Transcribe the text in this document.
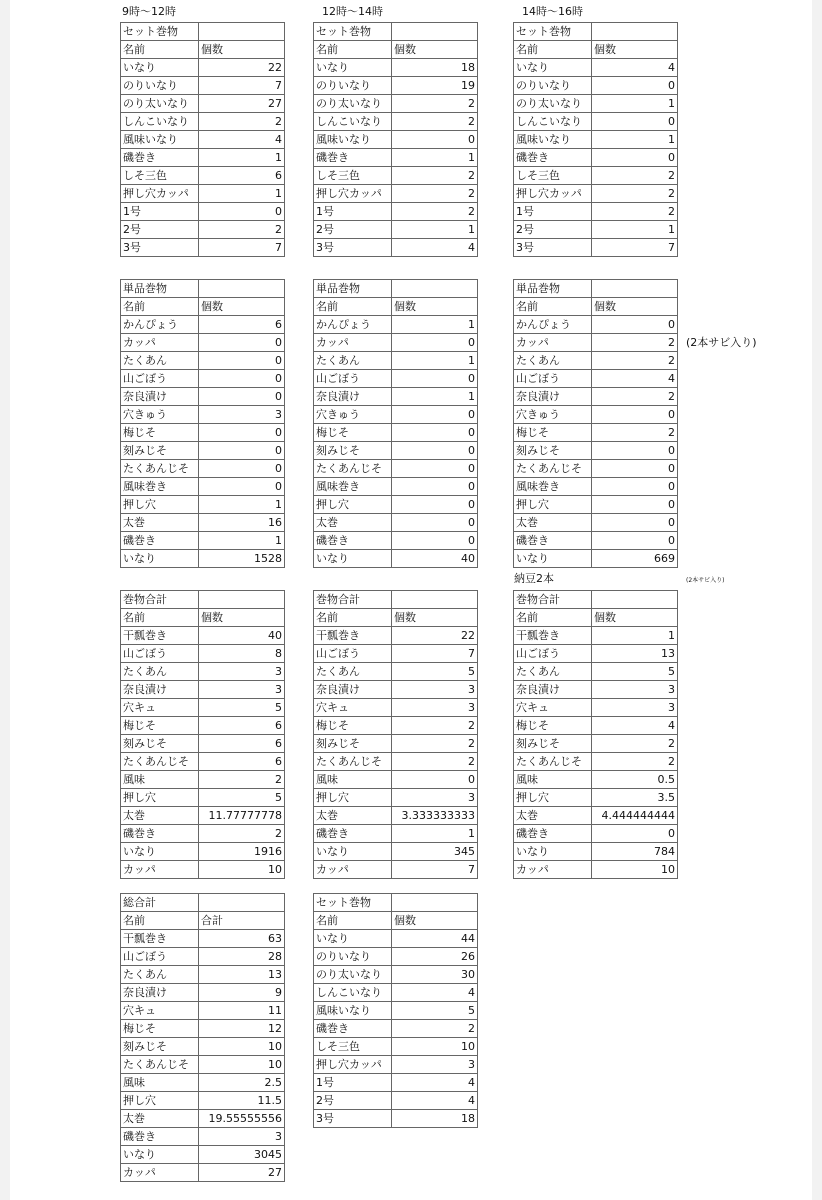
9時〜12時	12時〜14時	14時〜16時
(2本サビ入り)
納豆2本	(2本サビ入り)
セット巻物	
名前	個数
いなり	22
のりいなり	7
のり太いなり	27
しんこいなり	2
風味いなり	4
磯巻き	1
しそ三色	6
押し穴カッパ	1
1号	0
2号	2
3号	7
セット巻物	
名前	個数
いなり	18
のりいなり	19
のり太いなり	2
しんこいなり	2
風味いなり	0
磯巻き	1
しそ三色	2
押し穴カッパ	2
1号	2
2号	1
3号	4
セット巻物	
名前	個数
いなり	4
のりいなり	0
のり太いなり	1
しんこいなり	0
風味いなり	1
磯巻き	0
しそ三色	2
押し穴カッパ	2
1号	2
2号	1
3号	7
単品巻物	
名前	個数
かんぴょう	6
カッパ	0
たくあん	0
山ごぼう	0
奈良漬け	0
穴きゅう	3
梅じそ	0
刻みじそ	0
たくあんじそ	0
風味巻き	0
押し穴	1
太巻	16
磯巻き	1
いなり	1528
単品巻物	
名前	個数
かんぴょう	1
カッパ	0
たくあん	1
山ごぼう	0
奈良漬け	1
穴きゅう	0
梅じそ	0
刻みじそ	0
たくあんじそ	0
風味巻き	0
押し穴	0
太巻	0
磯巻き	0
いなり	40
単品巻物	
名前	個数
かんぴょう	0
カッパ	2
たくあん	2
山ごぼう	4
奈良漬け	2
穴きゅう	0
梅じそ	2
刻みじそ	0
たくあんじそ	0
風味巻き	0
押し穴	0
太巻	0
磯巻き	0
いなり	669
巻物合計	
名前	個数
干瓢巻き	40
山ごぼう	8
たくあん	3
奈良漬け	3
穴キュ	5
梅じそ	6
刻みじそ	6
たくあんじそ	6
風味	2
押し穴	5
太巻	11.77777778
磯巻き	2
いなり	1916
カッパ	10
巻物合計	
名前	個数
干瓢巻き	22
山ごぼう	7
たくあん	5
奈良漬け	3
穴キュ	3
梅じそ	2
刻みじそ	2
たくあんじそ	2
風味	0
押し穴	3
太巻	3.333333333
磯巻き	1
いなり	345
カッパ	7
巻物合計	
名前	個数
干瓢巻き	1
山ごぼう	13
たくあん	5
奈良漬け	3
穴キュ	3
梅じそ	4
刻みじそ	2
たくあんじそ	2
風味	0.5
押し穴	3.5
太巻	4.444444444
磯巻き	0
いなり	784
カッパ	10
総合計	
名前	合計
干瓢巻き	63
山ごぼう	28
たくあん	13
奈良漬け	9
穴キュ	11
梅じそ	12
刻みじそ	10
たくあんじそ	10
風味	2.5
押し穴	11.5
太巻	19.55555556
磯巻き	3
いなり	3045
カッパ	27
セット巻物	
名前	個数
いなり	44
のりいなり	26
のり太いなり	30
しんこいなり	4
風味いなり	5
磯巻き	2
しそ三色	10
押し穴カッパ	3
1号	4
2号	4
3号	18
